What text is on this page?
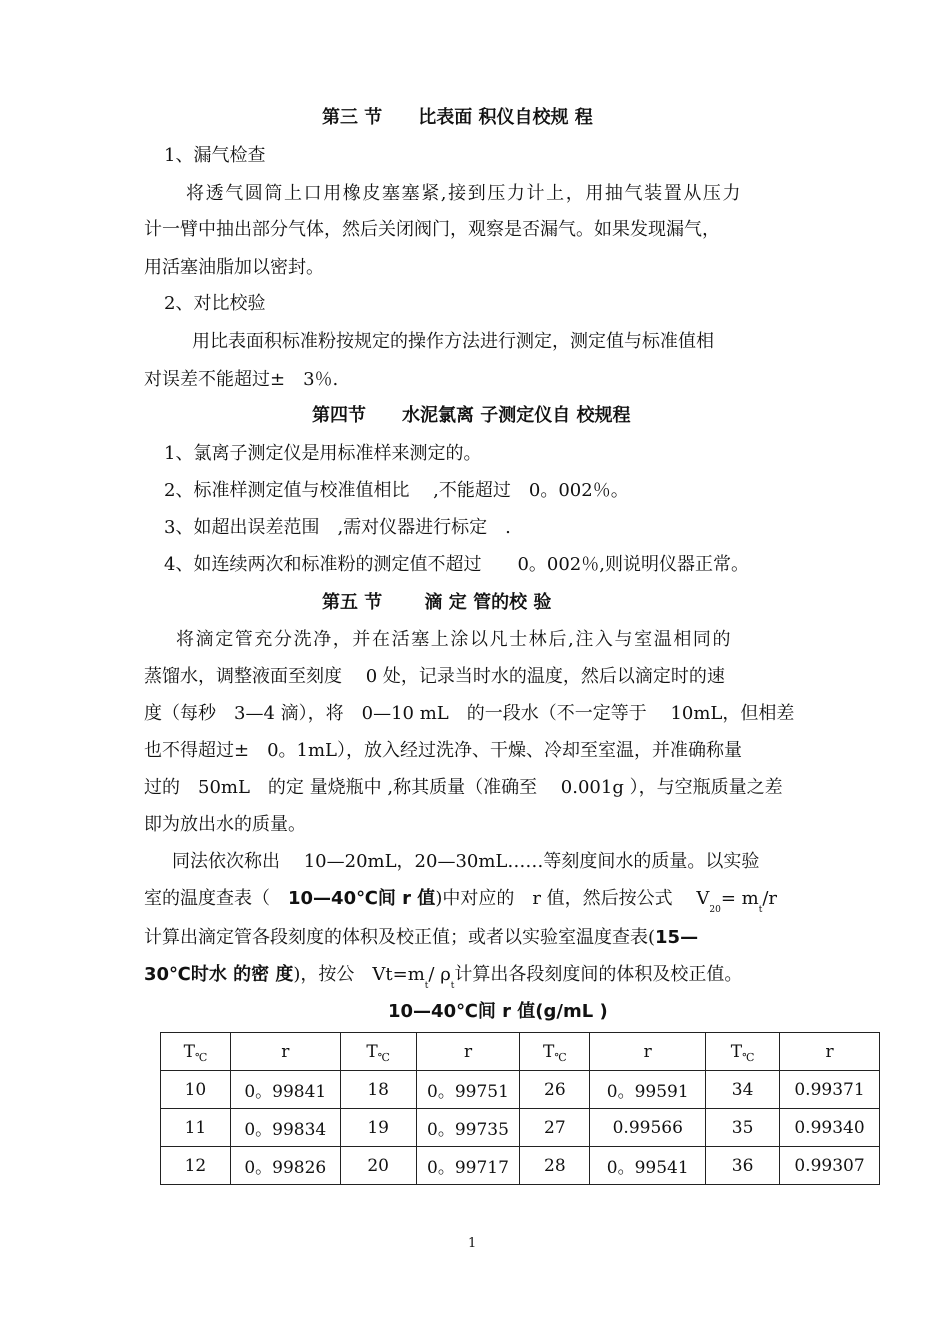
第三 节　　比表面 积仪自校规 程
1、漏气检查
将透气圆筒上口用橡皮塞塞紧,接到压力计上，用抽气装置从压力
计一臂中抽出部分气体，然后关闭阀门，观察是否漏气。如果发现漏气，
用活塞油脂加以密封。
2、对比校验
用比表面积标准粉按规定的操作方法进行测定，测定值与标准值相
对误差不能超过±　3％.
第四节　　水泥氯离 子测定仪自 校规程
1、氯离子测定仪是用标准样来测定的。
2、标准样测定值与校准值相比　 ,不能超过　0。002％。
3、如超出误差范围　,需对仪器进行标定　.
4、如连续两次和标准粉的测定值不超过　　0。002％,则说明仪器正常。
第五 节　　 滴 定 管的校 验
将滴定管充分洗净，并在活塞上涂以凡士林后,注入与室温相同的
蒸馏水，调整液面至刻度　 0 处，记录当时水的温度，然后以滴定时的速
度（每秒　3—4 滴），将　0—10 mL　的一段水（不一定等于　 10mL，但相差
也不得超过±　0。1mL），放入经过洗净、干燥、冷却至室温，并准确称量
过的　50mL　的定 量烧瓶中 ,称其质量（准确至　 0.001g ），与空瓶质量之差
即为放出水的质量。
同法依次称出　 10—20mL，20—30mL……等刻度间水的质量。以实验
室的温度查表（　10—40℃间 r 值)中对应的　r 值，然后按公式　 $V_{20}= m_t/r$
计算出滴定管各段刻度的体积及校正值；或者以实验室温度查表(15—
30℃时水 的密 度)，按公　$Vt=m_t/$ $\rho_t$计算出各段刻度间的体积及校正值。
10—40℃间 r 值(g/mL )
$T_℃$	r	$T_℃$	r	$T_℃$	r	$T_℃$	r
10	0。99841	18	0。99751	26	0。99591	34	0.99371
11	0。99834	19	0。99735	27	0.99566	35	0.99340
12	0。99826	20	0。99717	28	0。99541	36	0.99307
1
